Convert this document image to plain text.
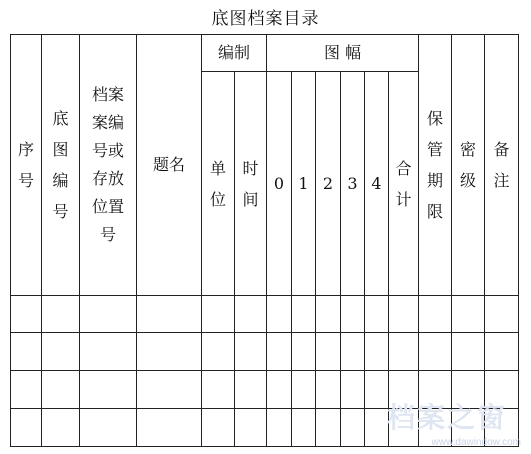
底图档案目录
序号	底图编号	档案案编号或存放位置号	题名	编制		图 幅						保管期限	密级	备注
				单位	时间	0	1	2	3	4	合计			

档案之窗
www.dawindow.com
